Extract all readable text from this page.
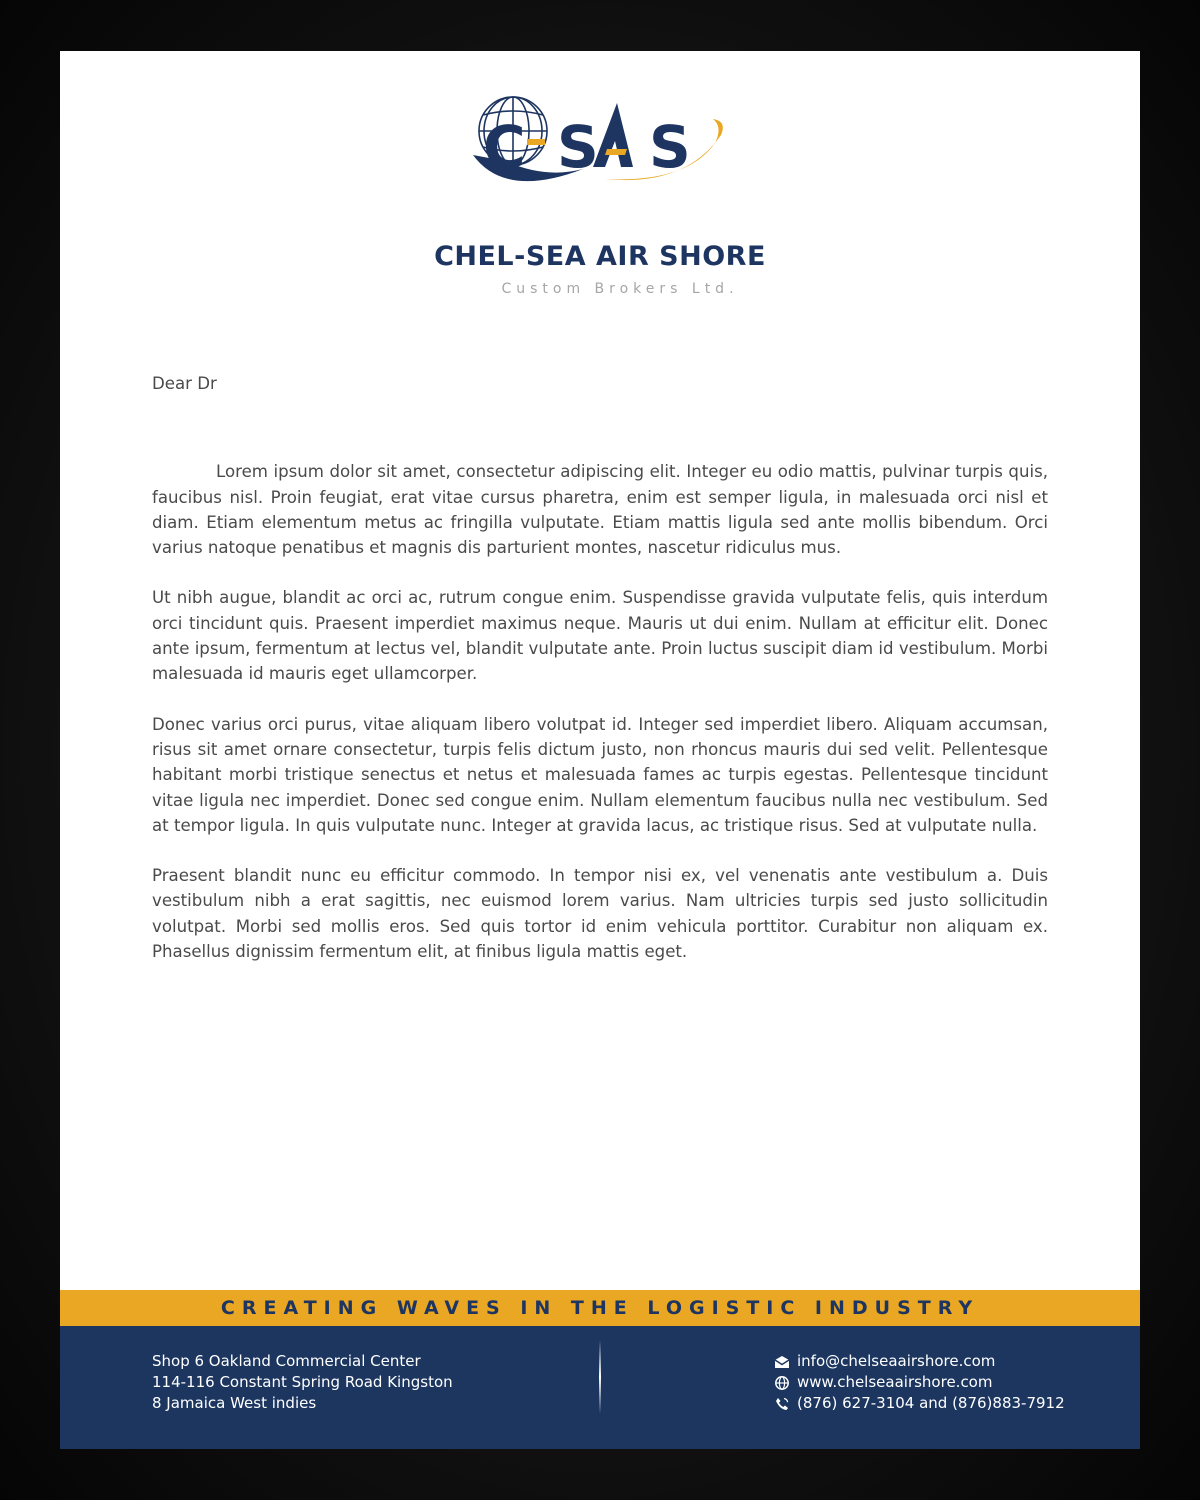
C S S
CHEL-SEA AIR SHORE
Custom Brokers Ltd.
Dear Dr

Lorem ipsum dolor sit amet, consectetur adipiscing elit. Integer eu odio mattis, pulvinar turpis quis, faucibus nisl. Proin feugiat, erat vitae cursus pharetra, enim est semper ligula, in malesuada orci nisl et diam. Etiam elementum metus ac fringilla vulputate. Etiam mattis ligula sed ante mollis bibendum. Orci varius natoque penatibus et magnis dis parturient montes, nascetur ridiculus mus.

Ut nibh augue, blandit ac orci ac, rutrum congue enim. Suspendisse gravida vulputate felis, quis interdum orci tincidunt quis. Praesent imperdiet maximus neque. Mauris ut dui enim. Nullam at efficitur elit. Donec ante ipsum, fermentum at lectus vel, blandit vulputate ante. Proin luctus suscipit diam id vestibulum. Morbi malesuada id mauris eget ullamcorper.

Donec varius orci purus, vitae aliquam libero volutpat id. Integer sed imperdiet libero. Aliquam accumsan, risus sit amet ornare consectetur, turpis felis dictum justo, non rhoncus mauris dui sed velit. Pellentesque habitant morbi tristique senectus et netus et malesuada fames ac turpis egestas. Pellentesque tincidunt vitae ligula nec imperdiet. Donec sed congue enim. Nullam elementum faucibus nulla nec vestibulum. Sed at tempor ligula. In quis vulputate nunc. Integer at gravida lacus, ac tristique risus. Sed at vulputate nulla.

Praesent blandit nunc eu efficitur commodo. In tempor nisi ex, vel venenatis ante vestibulum a. Duis vestibulum nibh a erat sagittis, nec euismod lorem varius. Nam ultricies turpis sed justo sollicitudin volutpat. Morbi sed mollis eros. Sed quis tortor id enim vehicula porttitor. Curabitur non aliquam ex. Phasellus dignissim fermentum elit, at finibus ligula mattis eget.

CREATING WAVES IN THE LOGISTIC INDUSTRY
Shop 6 Oakland Commercial Center
114-116 Constant Spring Road Kingston
8 Jamaica West indies
info@chelseaairshore.com
www.chelseaairshore.com
(876) 627-3104 and (876)883-7912
